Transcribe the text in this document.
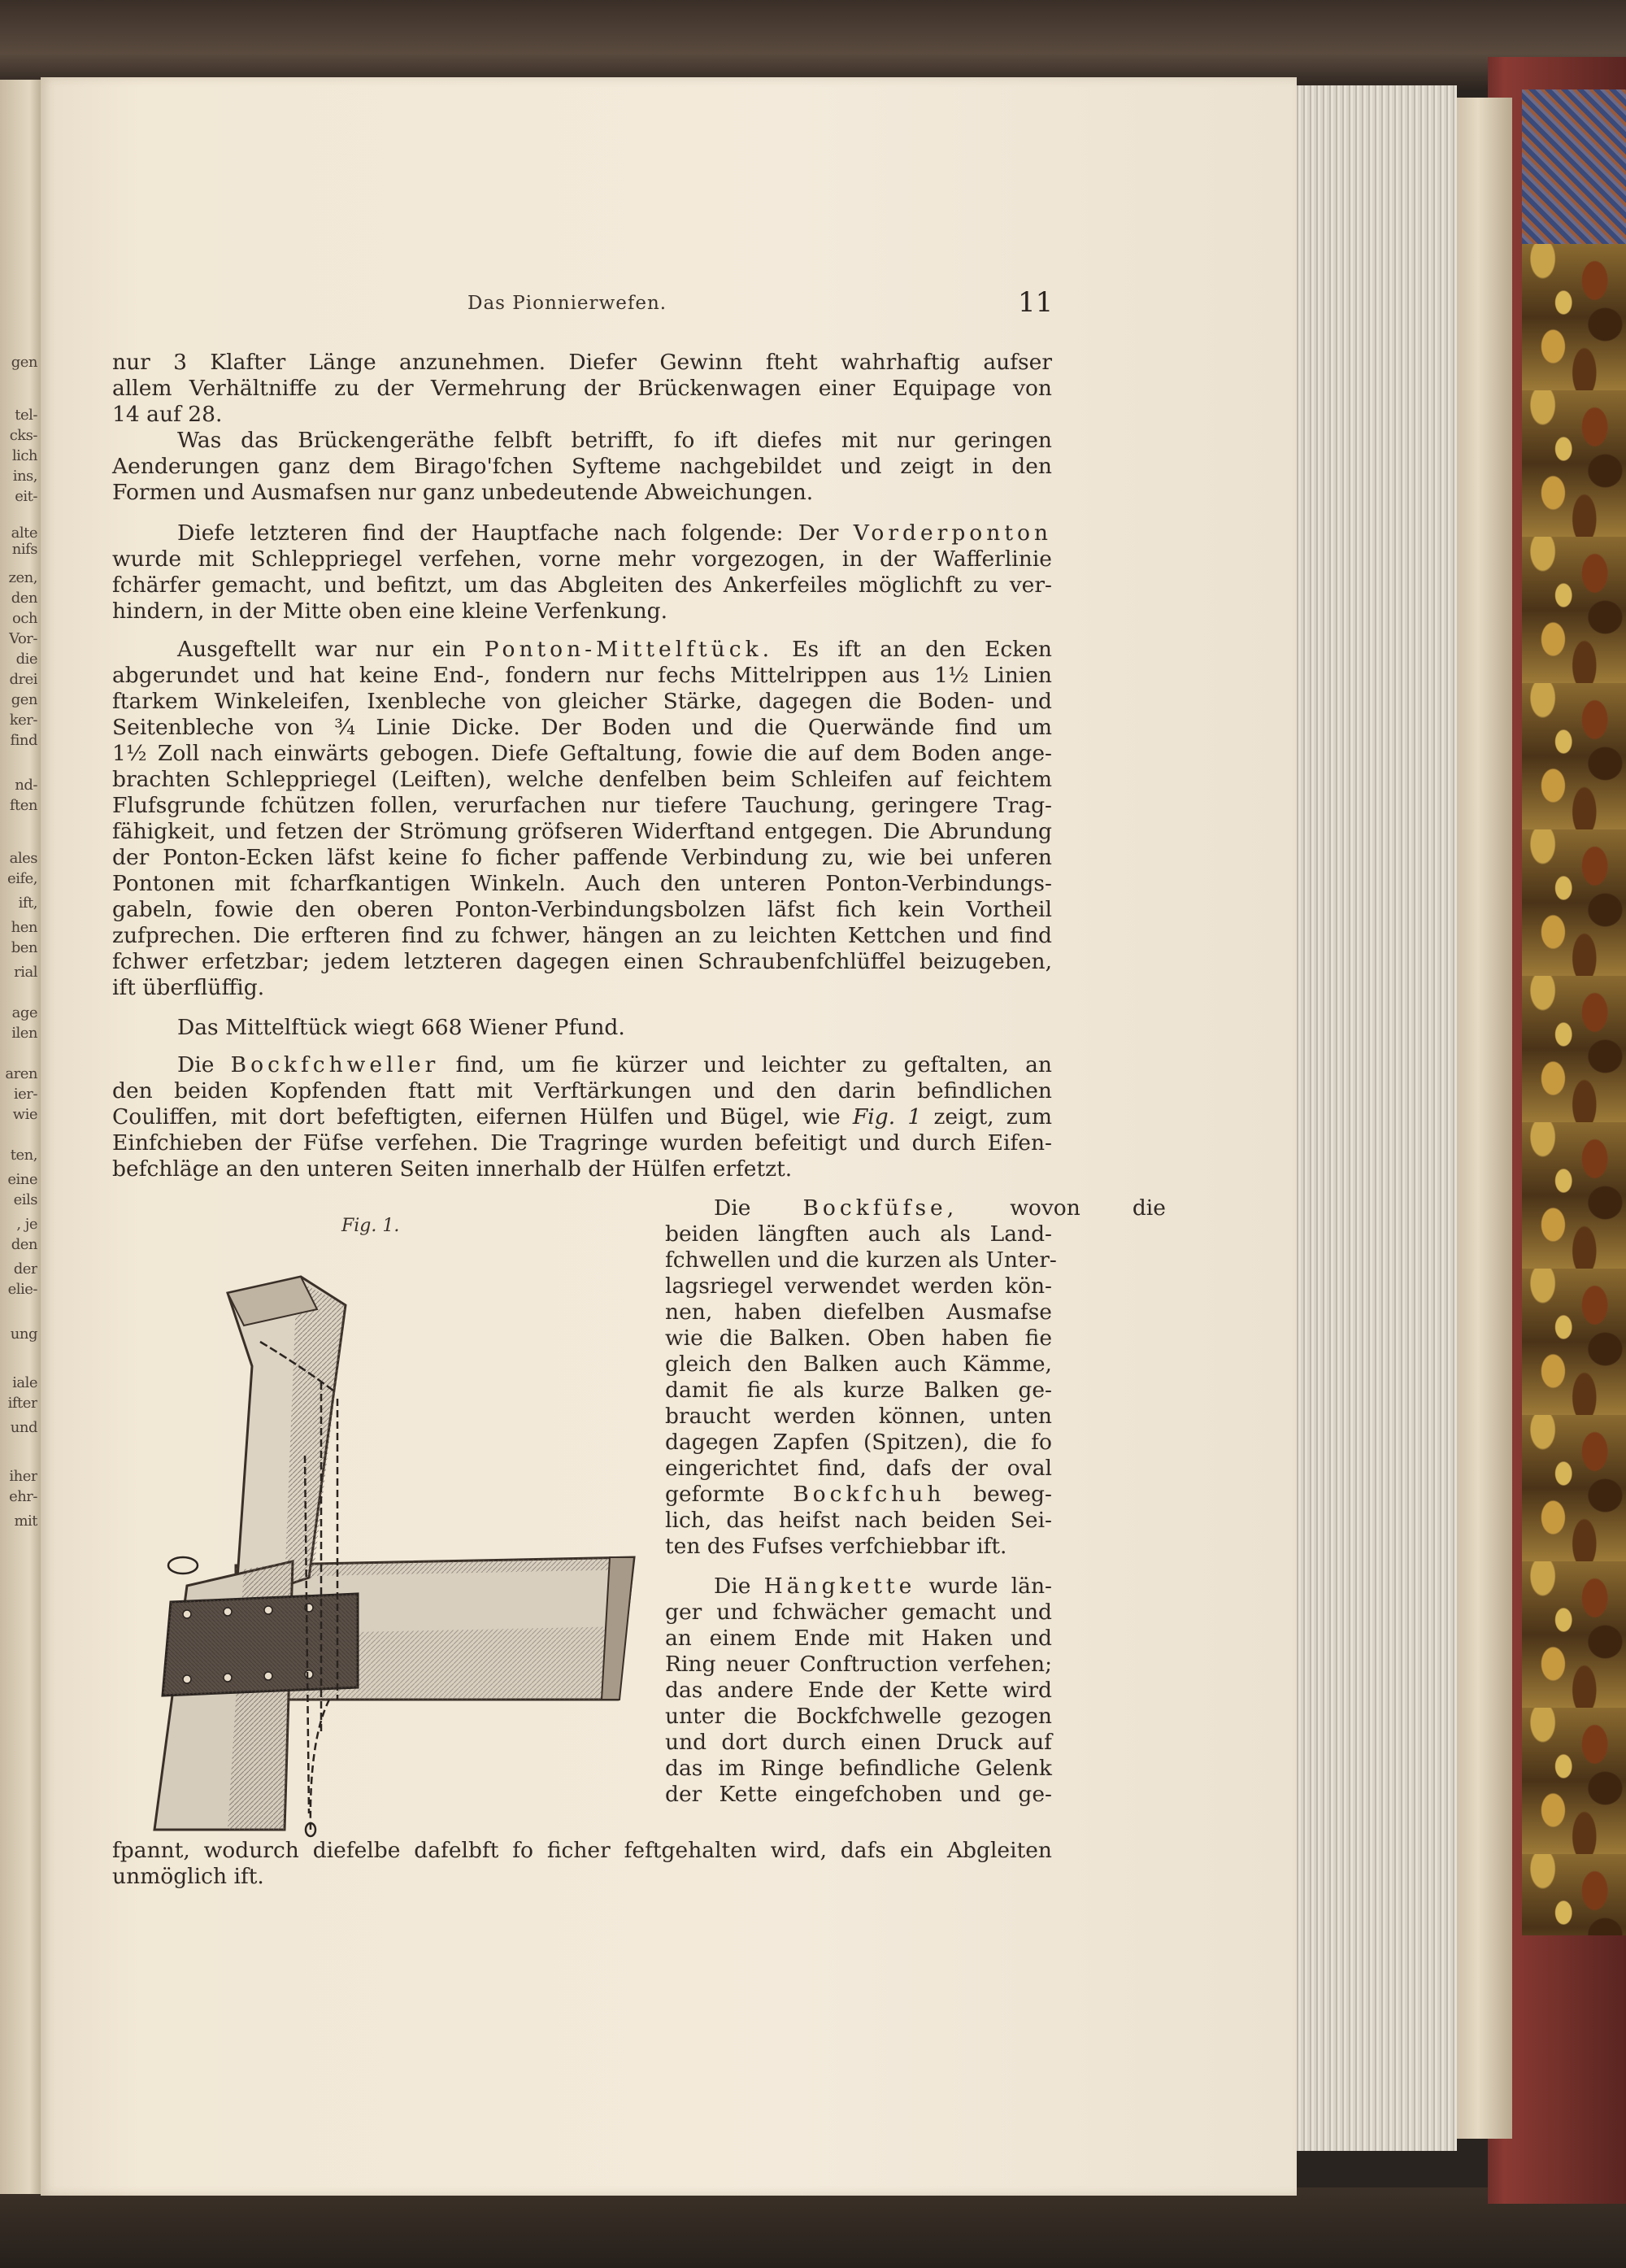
gen
tel-
cks-
lich
ins,
eit-
alte
nifs
zen,
den
och
Vor-
die
drei
gen
ker-
find
nd-
ften
ales
eife,
ift,
hen
ben
rial
age
ilen
aren
ier-
wie
ten,
eine
eils
, je
den
der
elie-
ung
iale
ifter
und
iher
ehr-
mit
Das Pionnierwefen.	11
nur 3 Klafter Länge anzunehmen. Diefer Gewinn fteht wahrhaftig aufser
allem Verhältniffe zu der Vermehrung der Brückenwagen einer Equipage von
14 auf 28.
Was das Brückengeräthe felbft betrifft, fo ift diefes mit nur geringen
Aenderungen ganz dem Birago'fchen Syfteme nachgebildet und zeigt in den
Formen und Ausmafsen nur ganz unbedeutende Abweichungen.
Diefe letzteren find der Hauptfache nach folgende: Der Vorderponton
wurde mit Schleppriegel verfehen, vorne mehr vorgezogen, in der Wafferlinie
fchärfer gemacht, und befitzt, um das Abgleiten des Ankerfeiles möglichft zu ver-
hindern, in der Mitte oben eine kleine Verfenkung.
Ausgeftellt war nur ein Ponton-Mittelftück. Es ift an den Ecken
abgerundet und hat keine End-, fondern nur fechs Mittelrippen aus 1½ Linien
ftarkem Winkeleifen, Ixenbleche von gleicher Stärke, dagegen die Boden- und
Seitenbleche von ¾ Linie Dicke. Der Boden und die Querwände find um
1½ Zoll nach einwärts gebogen. Diefe Geftaltung, fowie die auf dem Boden ange-
brachten Schleppriegel (Leiften), welche denfelben beim Schleifen auf feichtem
Flufsgrunde fchützen follen, verurfachen nur tiefere Tauchung, geringere Trag-
fähigkeit, und fetzen der Strömung gröfseren Widerftand entgegen. Die Abrundung
der Ponton-Ecken läfst keine fo ficher paffende Verbindung zu, wie bei unferen
Pontonen mit fcharfkantigen Winkeln. Auch den unteren Ponton-Verbindungs-
gabeln, fowie den oberen Ponton-Verbindungsbolzen läfst fich kein Vortheil
zufprechen. Die erfteren find zu fchwer, hängen an zu leichten Kettchen und find
fchwer erfetzbar; jedem letzteren dagegen einen Schraubenfchlüffel beizugeben,
ift überflüffig.
Das Mittelftück wiegt 668 Wiener Pfund.
Die Bockfchweller find, um fie kürzer und leichter zu geftalten, an
den beiden Kopfenden ftatt mit Verftärkungen und den darin befindlichen
Couliffen, mit dort befeftigten, eifernen Hülfen und Bügel, wie Fig. 1 zeigt, zum
Einfchieben der Füfse verfehen. Die Tragringe wurden befeitigt und durch Eifen-
befchläge an den unteren Seiten innerhalb der Hülfen erfetzt.
Fig. 1.
Die Bockfüfse, wovon die
beiden längften auch als Land-
fchwellen und die kurzen als Unter-
lagsriegel verwendet werden kön-
nen, haben diefelben Ausmafse
wie die Balken. Oben haben fie
gleich den Balken auch Kämme,
damit fie als kurze Balken ge-
braucht werden können, unten
dagegen Zapfen (Spitzen), die fo
eingerichtet find, dafs der oval
geformte Bockfchuh beweg-
lich, das heifst nach beiden Sei-
ten des Fufses verfchiebbar ift.
Die Hängkette wurde län-
ger und fchwächer gemacht und
an einem Ende mit Haken und
Ring neuer Conftruction verfehen;
das andere Ende der Kette wird
unter die Bockfchwelle gezogen
und dort durch einen Druck auf
das im Ringe befindliche Gelenk
der Kette eingefchoben und ge-
fpannt, wodurch diefelbe dafelbft fo ficher feftgehalten wird, dafs ein Abgleiten
unmöglich ift.
